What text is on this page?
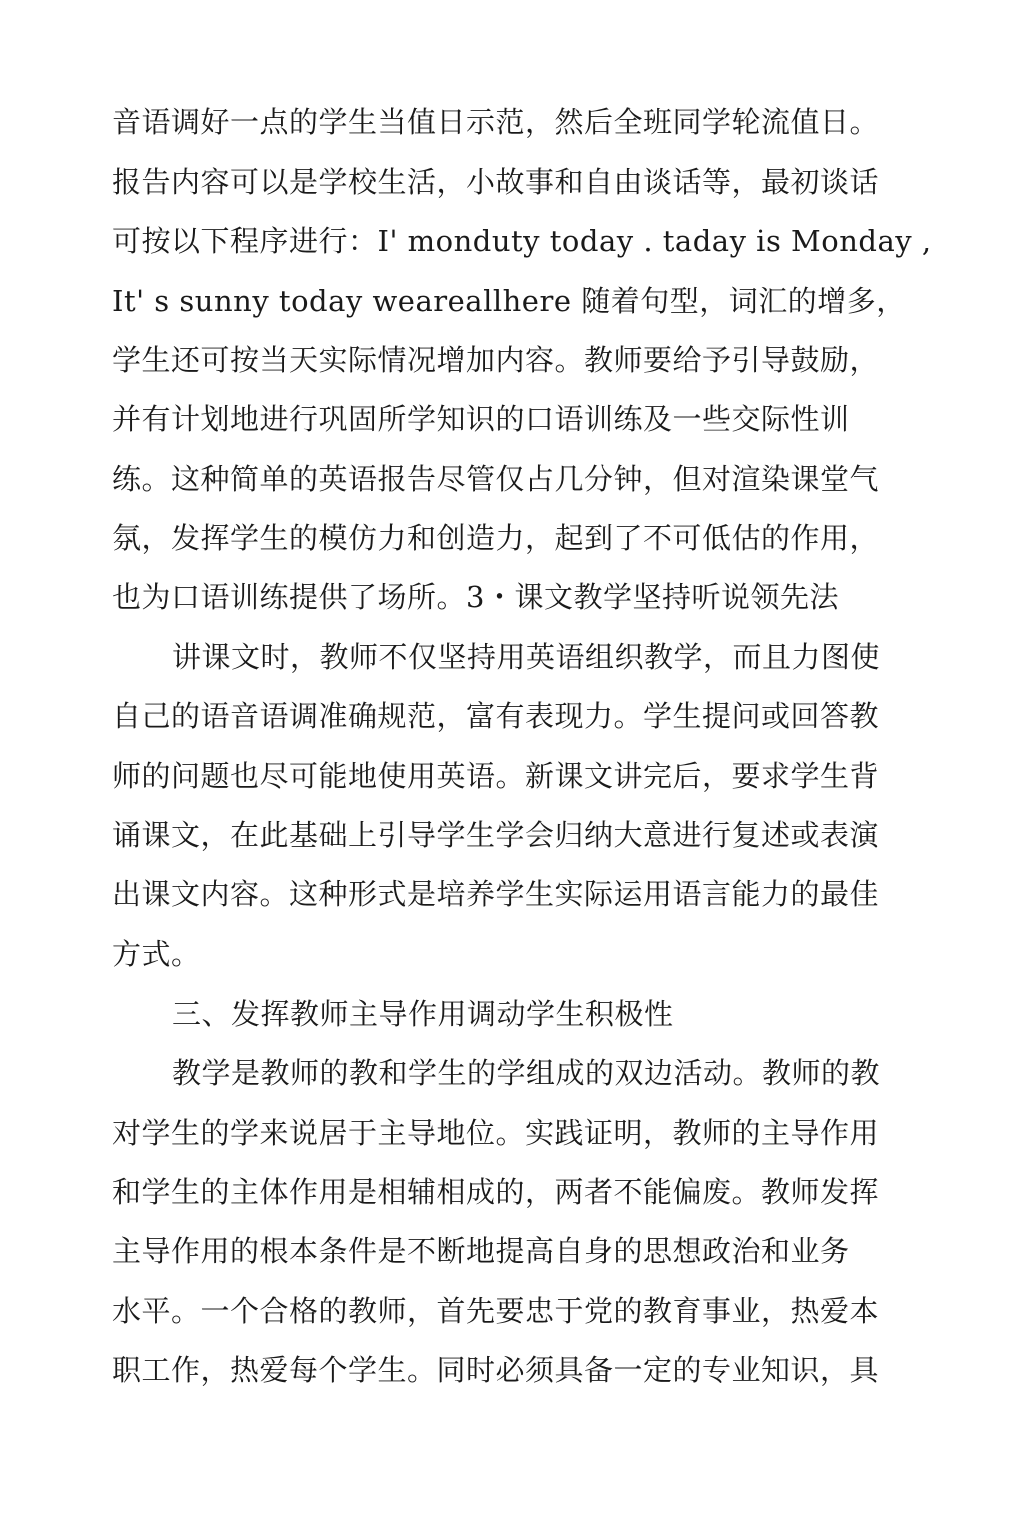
音语调好一点的学生当值日示范，然后全班同学轮流值日。
报告内容可以是学校生活，小故事和自由谈话等，最初谈话
可按以下程序进行：I' monduty today . taday is Monday ,
It' s sunny today weareallhere 随着句型，词汇的增多，
学生还可按当天实际情况增加内容。教师要给予引导鼓励，
并有计划地进行巩固所学知识的口语训练及一些交际性训
练。这种简单的英语报告尽管仅占几分钟，但对渲染课堂气
氛，发挥学生的模仿力和创造力，起到了不可低估的作用，
也为口语训练提供了场所。3・课文教学坚持听说领先法
讲课文时，教师不仅坚持用英语组织教学，而且力图使
自己的语音语调准确规范，富有表现力。学生提问或回答教
师的问题也尽可能地使用英语。新课文讲完后，要求学生背
诵课文，在此基础上引导学生学会归纳大意进行复述或表演
出课文内容。这种形式是培养学生实际运用语言能力的最佳
方式。
三、发挥教师主导作用调动学生积极性
教学是教师的教和学生的学组成的双边活动。教师的教
对学生的学来说居于主导地位。实践证明，教师的主导作用
和学生的主体作用是相辅相成的，两者不能偏废。教师发挥
主导作用的根本条件是不断地提高自身的思想政治和业务
水平。一个合格的教师，首先要忠于党的教育事业，热爱本
职工作，热爱每个学生。同时必须具备一定的专业知识，具
